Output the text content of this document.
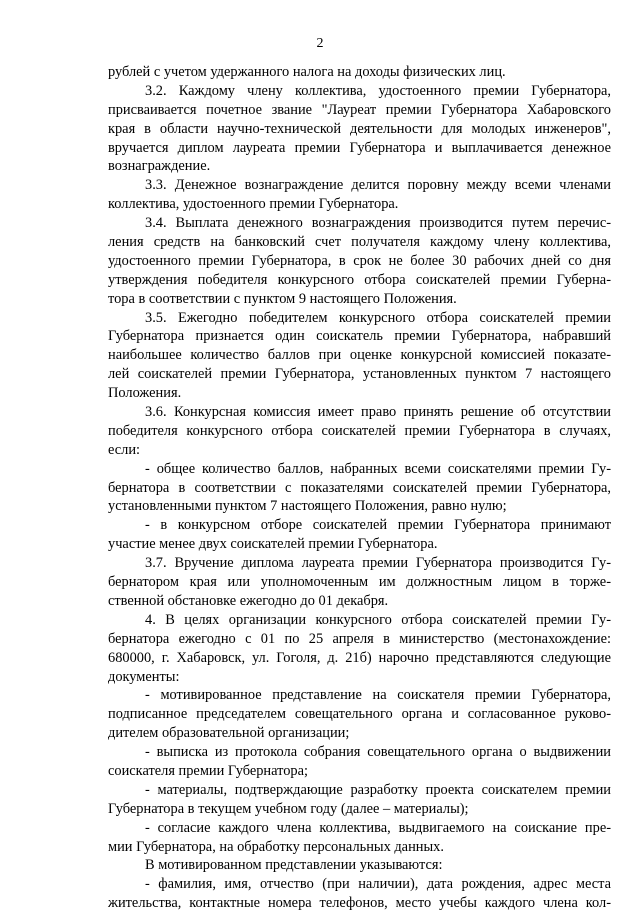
2
рублей с учетом удержанного налога на доходы физических лиц.
3.2. Каждому члену коллектива, удостоенного премии Губернатора,
присваивается почетное звание "Лауреат премии Губернатора Хабаровского
края в области научно-технической деятельности для молодых инженеров",
вручается диплом лауреата премии Губернатора и выплачивается денежное
вознаграждение.
3.3. Денежное вознаграждение делится поровну между всеми членами
коллектива, удостоенного премии Губернатора.
3.4. Выплата денежного вознаграждения производится путем перечис-
ления средств на банковский счет получателя каждому члену коллектива,
удостоенного премии Губернатора, в срок не более 30 рабочих дней со дня
утверждения победителя конкурсного отбора соискателей премии Губерна-
тора в соответствии с пунктом 9 настоящего Положения.
3.5. Ежегодно победителем конкурсного отбора соискателей премии
Губернатора признается один соискатель премии Губернатора, набравший
наибольшее количество баллов при оценке конкурсной комиссией показате-
лей соискателей премии Губернатора, установленных пунктом 7 настоящего
Положения.
3.6. Конкурсная комиссия имеет право принять решение об отсутствии
победителя конкурсного отбора соискателей премии Губернатора в случаях,
если:
- общее количество баллов, набранных всеми соискателями премии Гу-
бернатора в соответствии с показателями соискателей премии Губернатора,
установленными пунктом 7 настоящего Положения, равно нулю;
- в конкурсном отборе соискателей премии Губернатора принимают
участие менее двух соискателей премии Губернатора.
3.7. Вручение диплома лауреата премии Губернатора производится Гу-
бернатором края или уполномоченным им должностным лицом в торже-
ственной обстановке ежегодно до 01 декабря.
4. В целях организации конкурсного отбора соискателей премии Гу-
бернатора ежегодно с 01 по 25 апреля в министерство (местонахождение:
680000, г. Хабаровск, ул. Гоголя, д. 21б) нарочно представляются следующие
документы:
- мотивированное представление на соискателя премии Губернатора,
подписанное председателем совещательного органа и согласованное руково-
дителем образовательной организации;
- выписка из протокола собрания совещательного органа о выдвижении
соискателя премии Губернатора;
- материалы, подтверждающие разработку проекта соискателем премии
Губернатора в текущем учебном году (далее – материалы);
- согласие каждого члена коллектива, выдвигаемого на соискание пре-
мии Губернатора, на обработку персональных данных.
В мотивированном представлении указываются:
- фамилия, имя, отчество (при наличии), дата рождения, адрес места
жительства, контактные номера телефонов, место учебы каждого члена кол-
